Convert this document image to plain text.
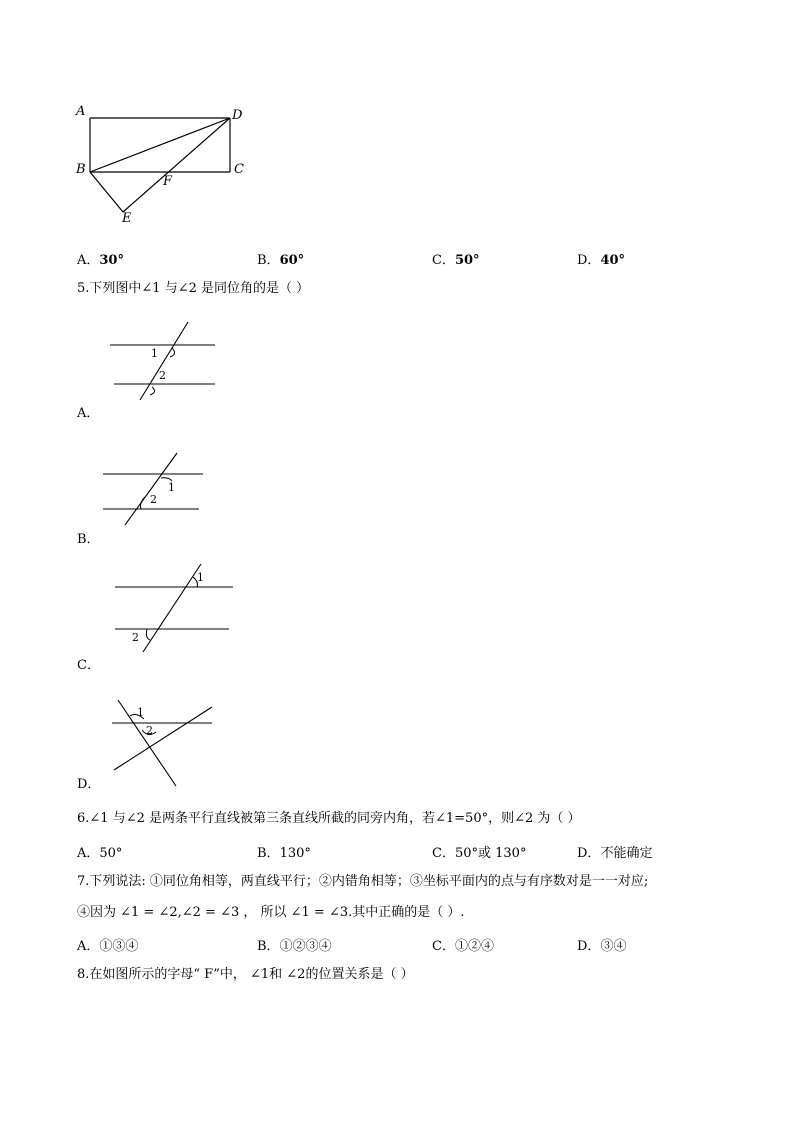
A	D
B	C
F
E
A．30°	B．60°	C．50°	D．40°
5.下列图中∠1 与∠2 是同位角的是（ ）
1
2
A．
1
2
B．
1
2
C．
1
2
D．
6.∠1 与∠2 是两条平行直线被第三条直线所截的同旁内角，若∠1=50°，则∠2 为（ ）
A．50°	B．130°	C．50°或 130°	D．不能确定
7.下列说法: ①同位角相等，两直线平行；②内错角相等；③坐标平面内的点与有序数对是一一对应;
④因为 ∠1 = ∠2,∠2 = ∠3 ， 所以 ∠1 = ∠3.其中正确的是（ ）.
A．①③④	B．①②③④	C．①②④	D．③④
8.在如图所示的字母“ F”中， ∠1和 ∠2的位置关系是（ ）
